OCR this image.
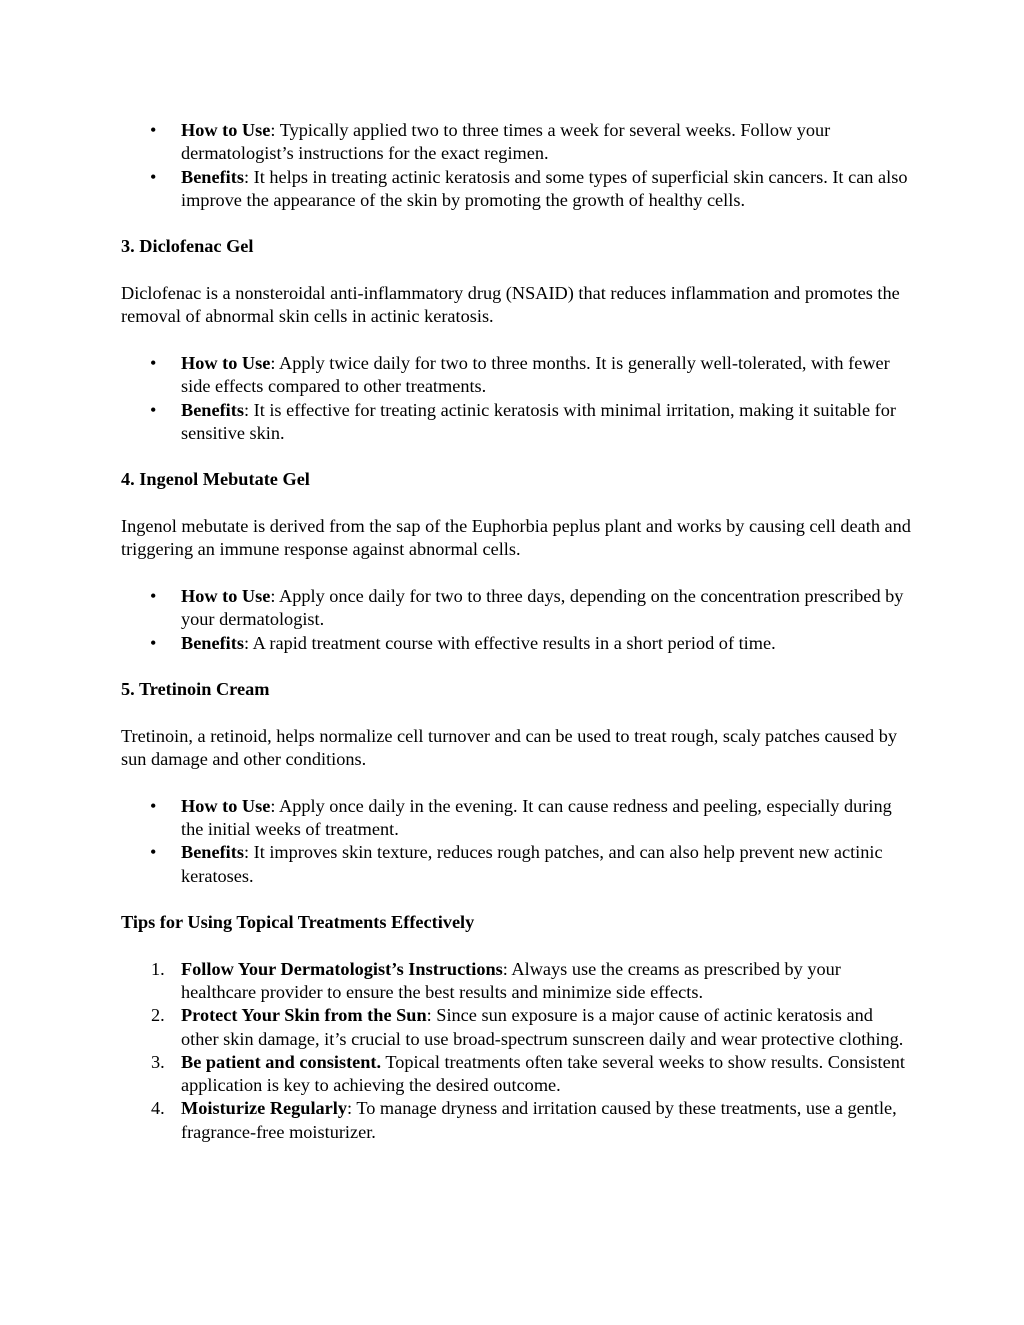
• How to Use: Typically applied two to three times a week for several weeks. Follow your dermatologist’s instructions for the exact regimen.
• Benefits: It helps in treating actinic keratosis and some types of superficial skin cancers. It can also improve the appearance of the skin by promoting the growth of healthy cells.
3. Diclofenac Gel

Diclofenac is a nonsteroidal anti-inflammatory drug (NSAID) that reduces inflammation and promotes the removal of abnormal skin cells in actinic keratosis.

• How to Use: Apply twice daily for two to three months. It is generally well-tolerated, with fewer side effects compared to other treatments.
• Benefits: It is effective for treating actinic keratosis with minimal irritation, making it suitable for sensitive skin.
4. Ingenol Mebutate Gel

Ingenol mebutate is derived from the sap of the Euphorbia peplus plant and works by causing cell death and triggering an immune response against abnormal cells.

• How to Use: Apply once daily for two to three days, depending on the concentration prescribed by your dermatologist.
• Benefits: A rapid treatment course with effective results in a short period of time.
5. Tretinoin Cream

Tretinoin, a retinoid, helps normalize cell turnover and can be used to treat rough, scaly patches caused by sun damage and other conditions.

• How to Use: Apply once daily in the evening. It can cause redness and peeling, especially during the initial weeks of treatment.
• Benefits: It improves skin texture, reduces rough patches, and can also help prevent new actinic keratoses.
Tips for Using Topical Treatments Effectively
1. Follow Your Dermatologist’s Instructions: Always use the creams as prescribed by your healthcare provider to ensure the best results and minimize side effects.
2. Protect Your Skin from the Sun: Since sun exposure is a major cause of actinic keratosis and other skin damage, it’s crucial to use broad-spectrum sunscreen daily and wear protective clothing.
3. Be patient and consistent. Topical treatments often take several weeks to show results. Consistent application is key to achieving the desired outcome.
4. Moisturize Regularly: To manage dryness and irritation caused by these treatments, use a gentle, fragrance-free moisturizer.
